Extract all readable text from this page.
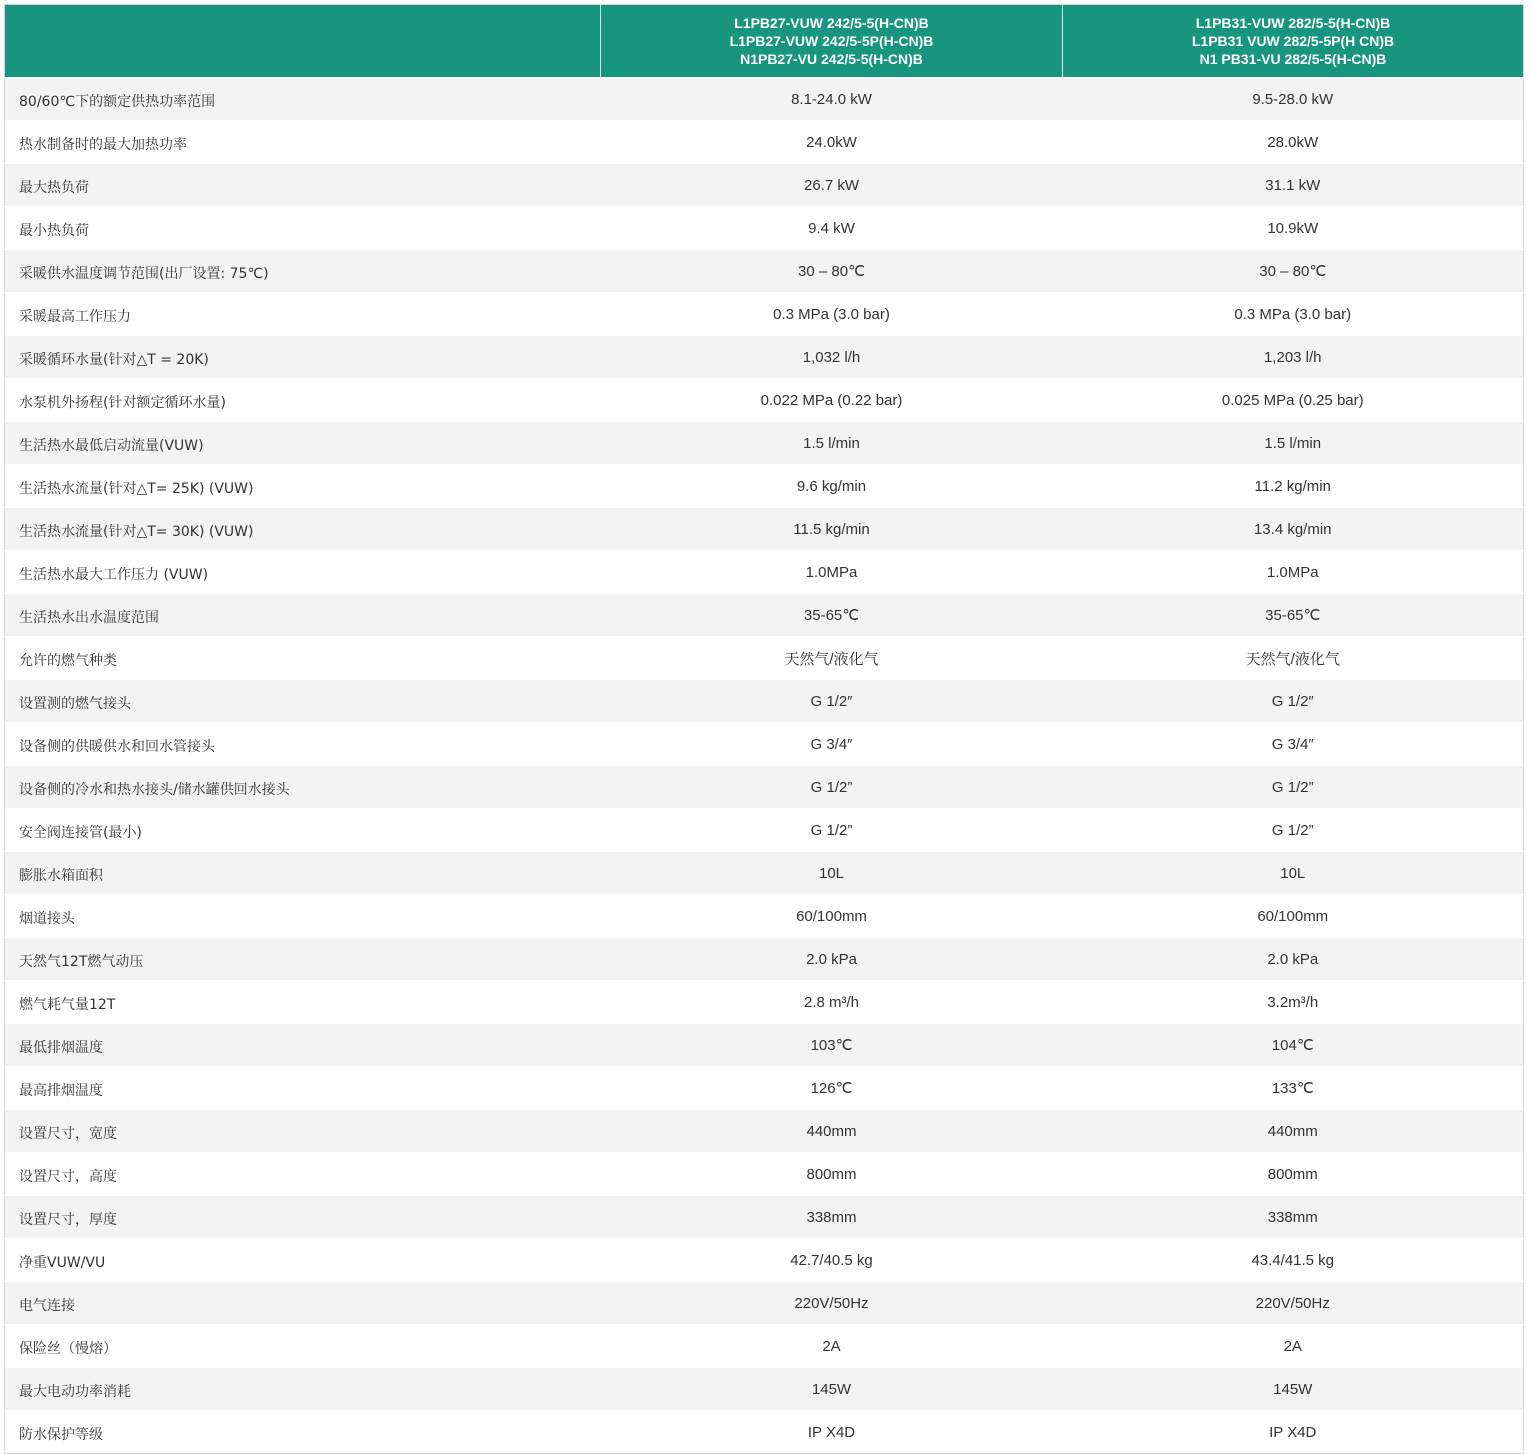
	L1PB27-VUW 242/5-5(H-CN)B
L1PB27-VUW 242/5-5P(H-CN)B
N1PB27-VU 242/5-5(H-CN)B	L1PB31-VUW 282/5-5(H-CN)B
L1PB31 VUW 282/5-5P(H CN)B
N1 PB31-VU 282/5-5(H-CN)B

80/60℃下的额定供热功率范围	8.1-24.0 kW	9.5-28.0 kW
热水制备时的最大加热功率	24.0kW	28.0kW
最大热负荷	26.7 kW	31.1 kW
最小热负荷	9.4 kW	10.9kW
采暖供水温度调节范围(出厂设置: 75℃)	30 – 80℃	30 – 80℃
采暖最高工作压力	0.3 MPa (3.0 bar)	0.3 MPa (3.0 bar)
采暖循环水量(针对△T = 20K)	1,032 l/h	1,203 l/h
水泵机外扬程(针对额定循环水量)	0.022 MPa (0.22 bar)	0.025 MPa (0.25 bar)
生活热水最低启动流量(VUW)	1.5 l/min	1.5 l/min
生活热水流量(针对△T= 25K) (VUW)	9.6 kg/min	11.2 kg/min
生活热水流量(针对△T= 30K) (VUW)	11.5 kg/min	13.4 kg/min
生活热水最大工作压力 (VUW)	1.0MPa	1.0MPa
生活热水出水温度范围	35-65℃	35-65℃
允许的燃气种类	天然气/液化气	天然气/液化气
设置测的燃气接头	G 1/2″	G 1/2″
设备侧的供暖供水和回水管接头	G 3/4″	G 3/4″
设备侧的冷水和热水接头/储水罐供回水接头	G 1/2”	G 1/2”
安全阀连接管(最小)	G 1/2”	G 1/2”
膨胀水箱面积	10L	10L
烟道接头	60/100mm	60/100mm
天然气12T燃气动压	2.0 kPa	2.0 kPa
燃气耗气量12T	2.8 m³/h	3.2m³/h
最低排烟温度	103℃	104℃
最高排烟温度	126℃	133℃
设置尺寸，宽度	440mm	440mm
设置尺寸，高度	800mm	800mm
设置尺寸，厚度	338mm	338mm
净重VUW/VU	42.7/40.5 kg	43.4/41.5 kg
电气连接	220V/50Hz	220V/50Hz
保险丝（慢熔）	2A	2A
最大电动功率消耗	145W	145W
防水保护等级	IP X4D	IP X4D
